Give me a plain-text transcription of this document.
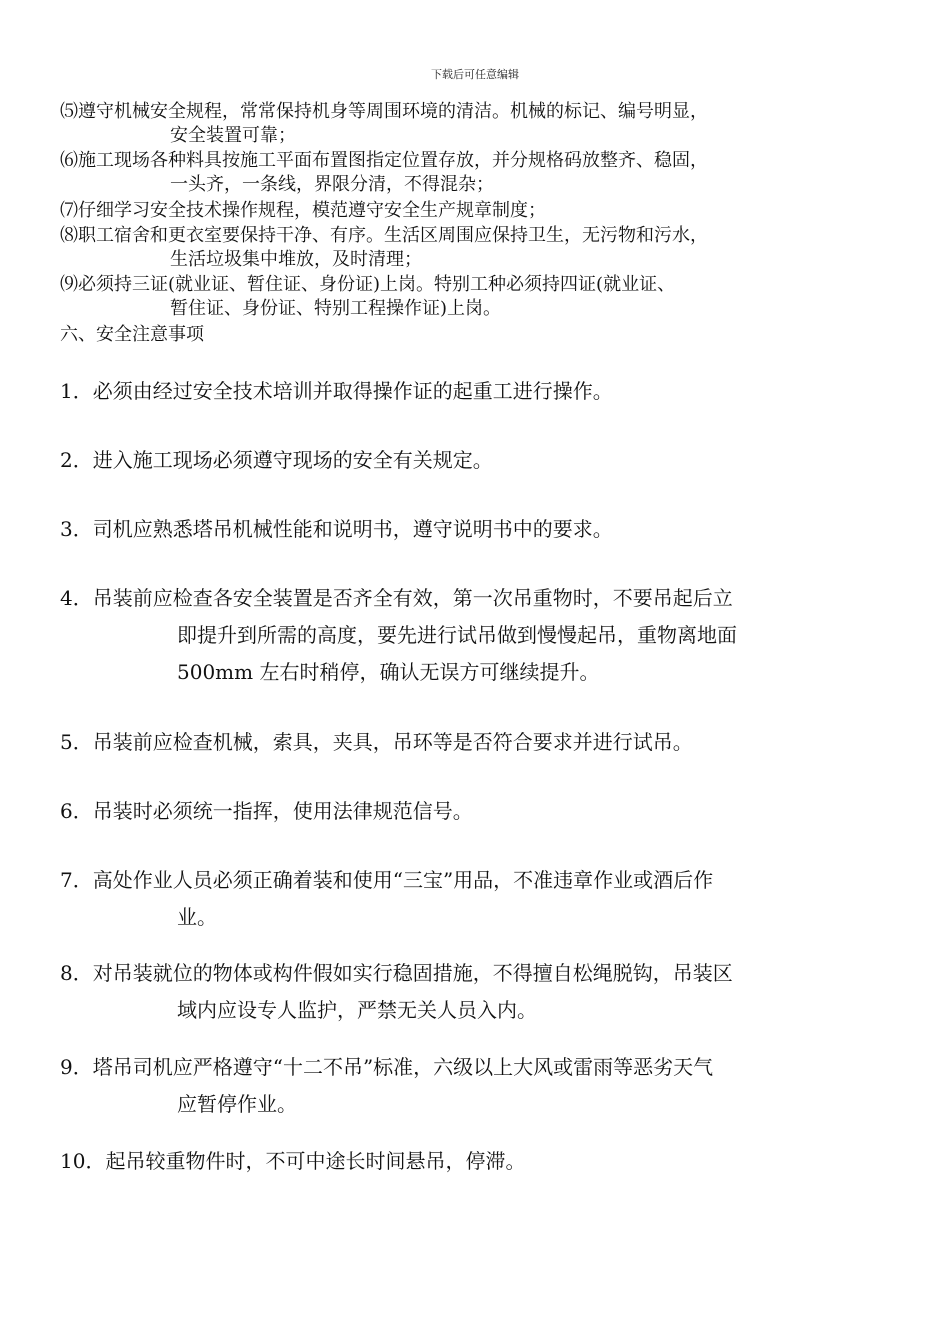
下载后可任意编辑
⑸遵守机械安全规程，常常保持机身等周围环境的清洁。机械的标记、编号明显，
安全装置可靠；
⑹施工现场各种料具按施工平面布置图指定位置存放，并分规格码放整齐、稳固，
一头齐，一条线，界限分清，不得混杂；
⑺仔细学习安全技术操作规程，模范遵守安全生产规章制度；
⑻职工宿舍和更衣室要保持干净、有序。生活区周围应保持卫生，无污物和污水，
生活垃圾集中堆放，及时清理；
⑼必须持三证(就业证、暂住证、身份证)上岗。特别工种必须持四证(就业证、
暂住证、身份证、特别工程操作证)上岗。
六、安全注意事项
1．必须由经过安全技术培训并取得操作证的起重工进行操作。
2．进入施工现场必须遵守现场的安全有关规定。
3．司机应熟悉塔吊机械性能和说明书，遵守说明书中的要求。
4．吊装前应检查各安全装置是否齐全有效，第一次吊重物时，不要吊起后立
即提升到所需的高度，要先进行试吊做到慢慢起吊，重物离地面
500mm 左右时稍停，确认无误方可继续提升。
5．吊装前应检查机械，索具，夹具，吊环等是否符合要求并进行试吊。
6．吊装时必须统一指挥，使用法律规范信号。
7．高处作业人员必须正确着装和使用“三宝”用品，不准违章作业或酒后作
业。
8．对吊装就位的物体或构件假如实行稳固措施，不得擅自松绳脱钩，吊装区
域内应设专人监护，严禁无关人员入内。
9．塔吊司机应严格遵守“十二不吊”标准，六级以上大风或雷雨等恶劣天气
应暂停作业。
10．起吊较重物件时，不可中途长时间悬吊，停滞。
